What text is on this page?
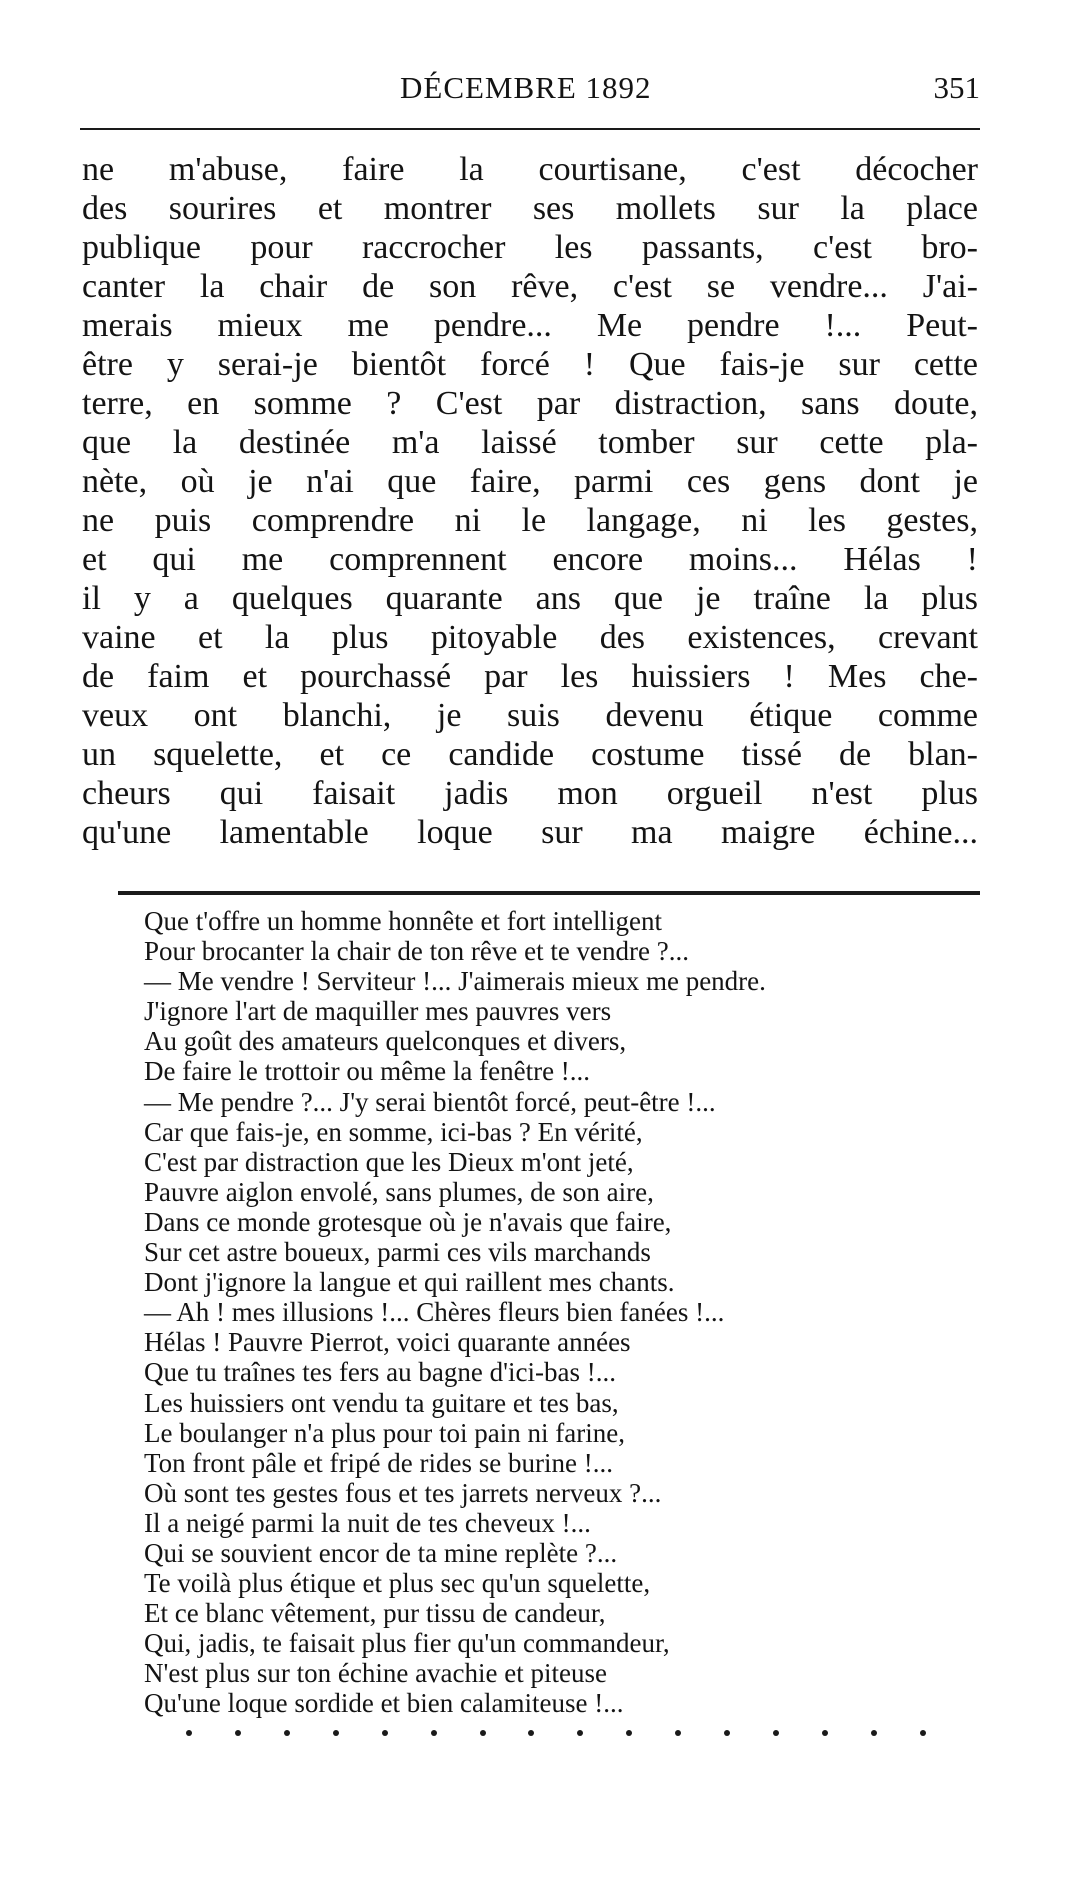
DÉCEMBRE 1892	351
ne m'abuse, faire la courtisane, c'est décocher
des sourires et montrer ses mollets sur la place
publique pour raccrocher les passants, c'est bro-
canter la chair de son rêve, c'est se vendre... J'ai-
merais mieux me pendre... Me pendre !... Peut-
être y serai-je bientôt forcé ! Que fais-je sur cette
terre, en somme ? C'est par distraction, sans doute,
que la destinée m'a laissé tomber sur cette pla-
nète, où je n'ai que faire, parmi ces gens dont je
ne puis comprendre ni le langage, ni les gestes,
et qui me comprennent encore moins... Hélas !
il y a quelques quarante ans que je traîne la plus
vaine et la plus pitoyable des existences, crevant
de faim et pourchassé par les huissiers ! Mes che-
veux ont blanchi, je suis devenu étique comme
un squelette, et ce candide costume tissé de blan-
cheurs qui faisait jadis mon orgueil n'est plus
qu'une lamentable loque sur ma maigre échine...
Que t'offre un homme honnête et fort intelligent
Pour brocanter la chair de ton rêve et te vendre ?...
— Me vendre ! Serviteur !... J'aimerais mieux me pendre.
J'ignore l'art de maquiller mes pauvres vers
Au goût des amateurs quelconques et divers,
De faire le trottoir ou même la fenêtre !...
— Me pendre ?... J'y serai bientôt forcé, peut-être !...
Car que fais-je, en somme, ici-bas ? En vérité,
C'est par distraction que les Dieux m'ont jeté,
Pauvre aiglon envolé, sans plumes, de son aire,
Dans ce monde grotesque où je n'avais que faire,
Sur cet astre boueux, parmi ces vils marchands
Dont j'ignore la langue et qui raillent mes chants.
— Ah ! mes illusions !... Chères fleurs bien fanées !...
Hélas ! Pauvre Pierrot, voici quarante années
Que tu traînes tes fers au bagne d'ici-bas !...
Les huissiers ont vendu ta guitare et tes bas,
Le boulanger n'a plus pour toi pain ni farine,
Ton front pâle et fripé de rides se burine !...
Où sont tes gestes fous et tes jarrets nerveux ?...
Il a neigé parmi la nuit de tes cheveux !...
Qui se souvient encor de ta mine replète ?...
Te voilà plus étique et plus sec qu'un squelette,
Et ce blanc vêtement, pur tissu de candeur,
Qui, jadis, te faisait plus fier qu'un commandeur,
N'est plus sur ton échine avachie et piteuse
Qu'une loque sordide et bien calamiteuse !...
